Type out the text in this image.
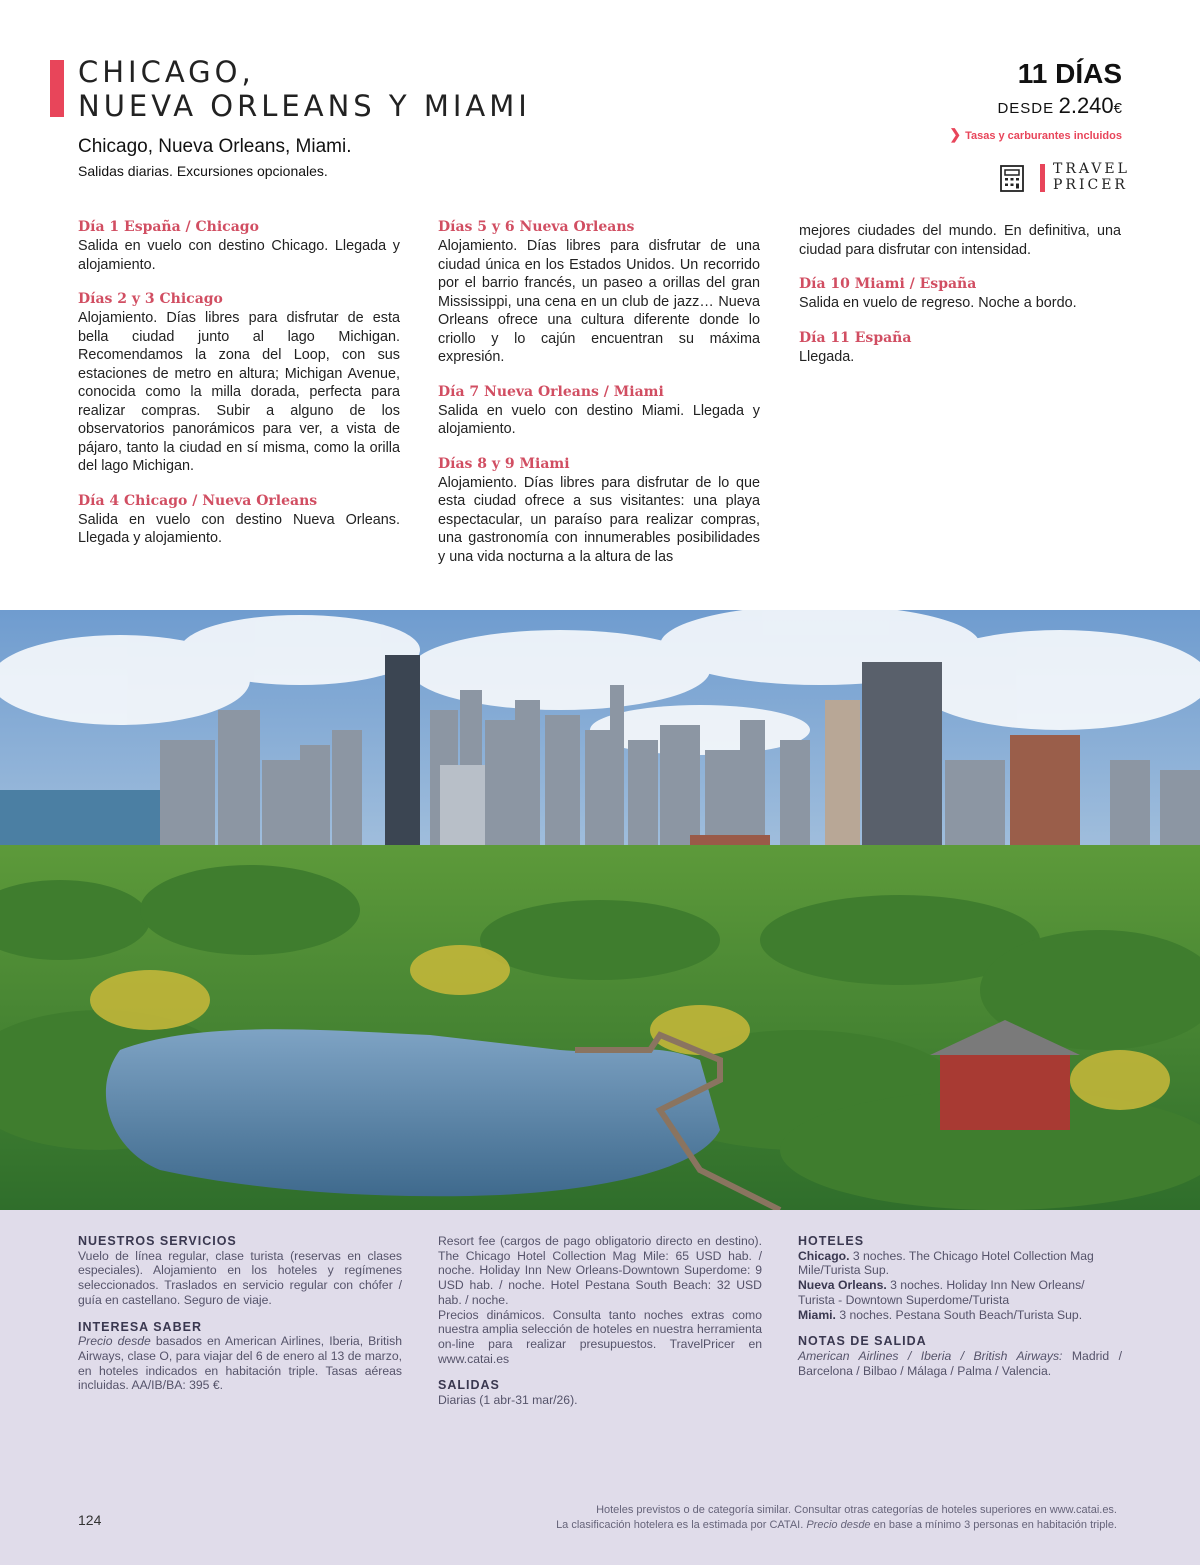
CHICAGO,
NUEVA ORLEANS Y MIAMI
Chicago, Nueva Orleans, Miami.
Salidas diarias. Excursiones opcionales.
11 DÍAS
DESDE 2.240€
❯ Tasas y carburantes incluidos
TRAVEL
PRICER
Día 1 España / Chicago

Salida en vuelo con destino Chicago. Llegada y alojamiento.

Días 2 y 3 Chicago

Alojamiento. Días libres para disfrutar de esta bella ciudad junto al lago Michigan. Recomendamos la zona del Loop, con sus estaciones de metro en altura; Michigan Avenue, conocida como la milla dorada, perfecta para realizar compras. Subir a alguno de los observatorios panorámicos para ver, a vista de pájaro, tanto la ciudad en sí misma, como la orilla del lago Michigan.

Día 4 Chicago / Nueva Orleans

Salida en vuelo con destino Nueva Orleans. Llegada y alojamiento.

Días 5 y 6 Nueva Orleans

Alojamiento. Días libres para disfrutar de una ciudad única en los Estados Unidos. Un recorrido por el barrio francés, un paseo a orillas del gran Mississippi, una cena en un club de jazz… Nueva Orleans ofrece una cultura diferente donde lo criollo y lo cajún encuentran su máxima expresión.

Día 7 Nueva Orleans / Miami

Salida en vuelo con destino Miami. Llegada y alojamiento.

Días 8 y 9 Miami

Alojamiento. Días libres para disfrutar de lo que esta ciudad ofrece a sus visitantes: una playa espectacular, un paraíso para realizar compras, una gastronomía con innumerables posibilidades y una vida nocturna a la altura de las

mejores ciudades del mundo. En definitiva, una ciudad para disfrutar con intensidad.

Día 10 Miami / España

Salida en vuelo de regreso. Noche a bordo.

Día 11 España

Llegada.

NUESTROS SERVICIOS

Vuelo de línea regular, clase turista (reservas en clases especiales). Alojamiento en los hoteles y regímenes seleccionados. Traslados en servicio regular con chófer / guía en castellano. Seguro de viaje.

INTERESA SABER

Precio desde basados en American Airlines, Iberia, British Airways, clase O, para viajar del 6 de enero al 13 de marzo, en hoteles indicados en habitación triple. Tasas aéreas incluidas. AA/IB/BA: 395 €.

Resort fee (cargos de pago obligatorio directo en destino). The Chicago Hotel Collection Mag Mile: 65 USD hab. / noche. Holiday Inn New Orleans-Downtown Superdome: 9 USD hab. / noche. Hotel Pestana South Beach: 32 USD hab. / noche.

Precios dinámicos. Consulta tanto noches extras como nuestra amplia selección de hoteles en nuestra herramienta on-line para realizar presupuestos. TravelPricer en www.catai.es

SALIDAS

Diarias (1 abr-31 mar/26).

HOTELES

Chicago. 3 noches. The Chicago Hotel Collection Mag Mile/Turista Sup.

Nueva Orleans. 3 noches. Holiday Inn New Orleans/ Turista - Downtown Superdome/Turista

Miami. 3 noches. Pestana South Beach/Turista Sup.

NOTAS DE SALIDA

American Airlines / Iberia / British Airways: Madrid / Barcelona / Bilbao / Málaga / Palma / Valencia.

124
Hoteles previstos o de categoría similar. Consultar otras categorías de hoteles superiores en www.catai.es.
La clasificación hotelera es la estimada por CATAI. Precio desde en base a mínimo 3 personas en habitación triple.
